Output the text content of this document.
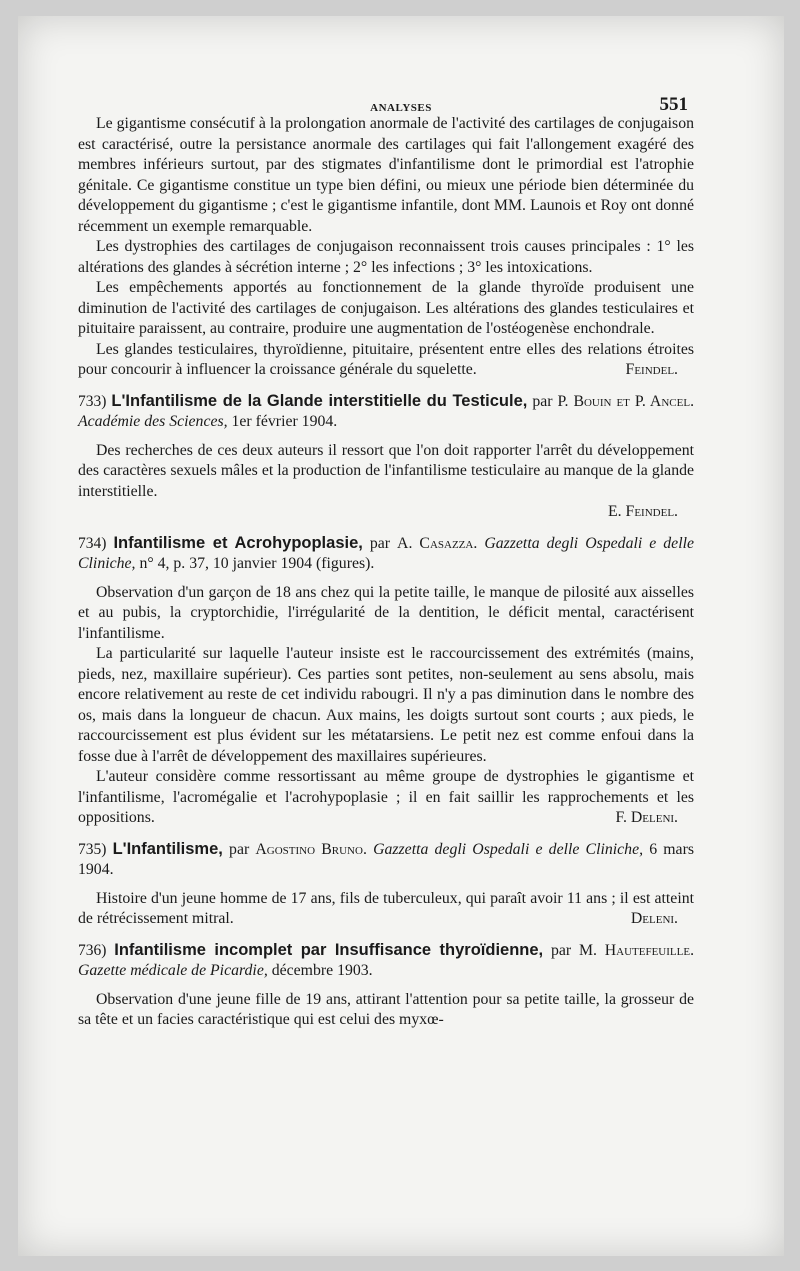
ANALYSES	551

Le gigantisme consécutif à la prolongation anormale de l'activité des cartilages de conjugaison est caractérisé, outre la persistance anormale des cartilages qui fait l'allongement exagéré des membres inférieurs surtout, par des stigmates d'infantilisme dont le primordial est l'atrophie génitale. Ce gigantisme constitue un type bien défini, ou mieux une période bien déterminée du développement du gigantisme ; c'est le gigantisme infantile, dont MM. Launois et Roy ont donné récemment un exemple remarquable.

Les dystrophies des cartilages de conjugaison reconnaissent trois causes principales : 1° les altérations des glandes à sécrétion interne ; 2° les infections ; 3° les intoxications.

Les empêchements apportés au fonctionnement de la glande thyroïde produisent une diminution de l'activité des cartilages de conjugaison. Les altérations des glandes testiculaires et pituitaire paraissent, au contraire, produire une augmentation de l'ostéogenèse enchondrale.

Les glandes testiculaires, thyroïdienne, pituitaire, présentent entre elles des relations étroites pour concourir à influencer la croissance générale du squelette.	Feindel.

733) L'Infantilisme de la Glande interstitielle du Testicule, par P. Bouin et P. Ancel. Académie des Sciences, 1er février 1904.

Des recherches de ces deux auteurs il ressort que l'on doit rapporter l'arrêt du développement des caractères sexuels mâles et la production de l'infantilisme testiculaire au manque de la glande interstitielle.

E. Feindel.
734) Infantilisme et Acrohypoplasie, par A. Casazza. Gazzetta degli Ospedali e delle Cliniche, n° 4, p. 37, 10 janvier 1904 (figures).

Observation d'un garçon de 18 ans chez qui la petite taille, le manque de pilosité aux aisselles et au pubis, la cryptorchidie, l'irrégularité de la dentition, le déficit mental, caractérisent l'infantilisme.

La particularité sur laquelle l'auteur insiste est le raccourcissement des extrémités (mains, pieds, nez, maxillaire supérieur). Ces parties sont petites, non-seulement au sens absolu, mais encore relativement au reste de cet individu rabougri. Il n'y a pas diminution dans le nombre des os, mais dans la longueur de chacun. Aux mains, les doigts surtout sont courts ; aux pieds, le raccourcissement est plus évident sur les métatarsiens. Le petit nez est comme enfoui dans la fosse due à l'arrêt de développement des maxillaires supérieures.

L'auteur considère comme ressortissant au même groupe de dystrophies le gigantisme et l'infantilisme, l'acromégalie et l'acrohypoplasie ; il en fait saillir les rapprochements et les oppositions.	F. Deleni.

735) L'Infantilisme, par Agostino Bruno. Gazzetta degli Ospedali e delle Cliniche, 6 mars 1904.

Histoire d'un jeune homme de 17 ans, fils de tuberculeux, qui paraît avoir 11 ans ; il est atteint de rétrécissement mitral.	Deleni.

736) Infantilisme incomplet par Insuffisance thyroïdienne, par M. Hautefeuille. Gazette médicale de Picardie, décembre 1903.

Observation d'une jeune fille de 19 ans, attirant l'attention pour sa petite taille, la grosseur de sa tête et un facies caractéristique qui est celui des myxœ-
